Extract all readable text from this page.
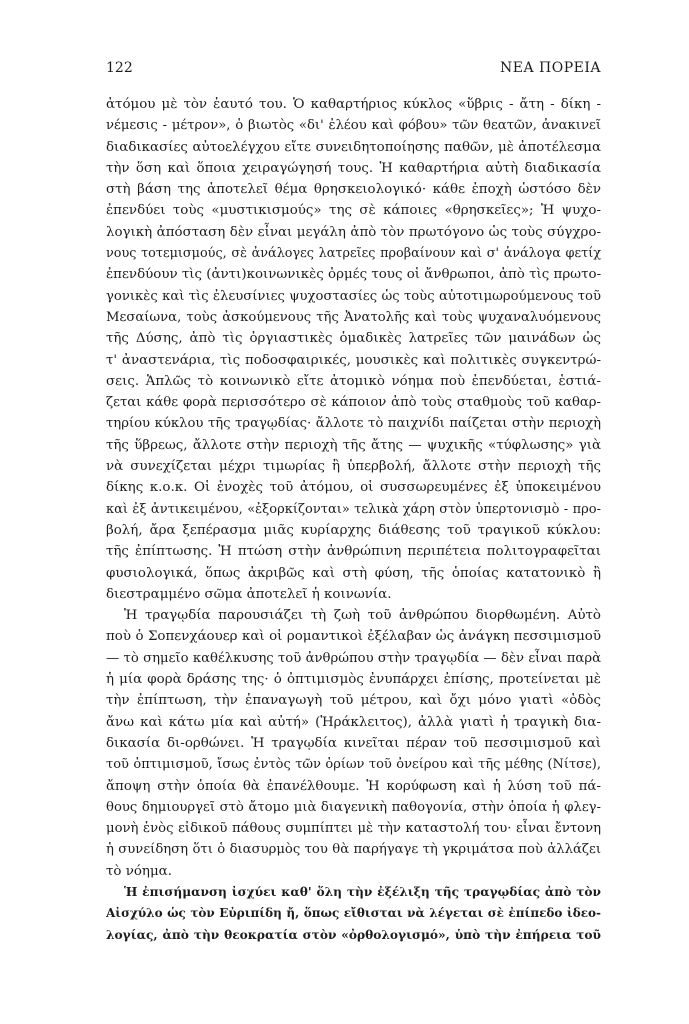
122	ΝΕΑ ΠΟΡΕΙΑ
ἀτόμου μὲ τὸν ἑαυτό του. Ὁ καθαρτήριος κύκλος «ὕβρις - ἄτη - δίκη -
νέμεσις - μέτρον», ὁ βιωτὸς «δι' ἐλέου καὶ φόβου» τῶν θεατῶν, ἀνακινεῖ
διαδικασίες αὐτοελέγχου εἴτε συνειδητοποίησης παθῶν, μὲ ἀποτέλεσμα
τὴν ὅση καὶ ὅποια χειραγώγησή τους. Ἡ καθαρτήρια αὐτὴ διαδικασία
στὴ βάση της ἀποτελεῖ θέμα θρησκειολογικό· κάθε ἐποχὴ ὡστόσο δὲν
ἐπενδύει τοὺς «μυστικισμούς» της σὲ κάποιες «θρησκεῖες»; Ἡ ψυχο-
λογικὴ ἀπόσταση δὲν εἶναι μεγάλη ἀπὸ τὸν πρωτόγονο ὡς τοὺς σύγχρο-
νους τοτεμισμούς, σὲ ἀνάλογες λατρεῖες προβαίνουν καὶ σ' ἀνάλογα φετίχ
ἐπενδύουν τὶς (ἀντι)κοινωνικὲς ὁρμές τους οἱ ἄνθρωποι, ἀπὸ τὶς πρωτο-
γονικὲς καὶ τὶς ἐλευσίνιες ψυχοστασίες ὡς τοὺς αὐτοτιμωρούμενους τοῦ
Μεσαίωνα, τοὺς ἀσκούμενους τῆς Ἀνατολῆς καὶ τοὺς ψυχαναλυόμενους
τῆς Δύσης, ἀπὸ τὶς ὀργιαστικὲς ὁμαδικὲς λατρεῖες τῶν μαινάδων ὡς
τ' ἀναστενάρια, τὶς ποδοσφαιρικές, μουσικὲς καὶ πολιτικὲς συγκεντρώ-
σεις. Ἁπλῶς τὸ κοινωνικὸ εἴτε ἀτομικὸ νόημα ποὺ ἐπενδύεται, ἑστιά-
ζεται κάθε φορὰ περισσότερο σὲ κάποιον ἀπὸ τοὺς σταθμοὺς τοῦ καθαρ-
τηρίου κύκλου τῆς τραγῳδίας· ἄλλοτε τὸ παιχνίδι παίζεται στὴν περιοχὴ
τῆς ὕβρεως, ἄλλοτε στὴν περιοχὴ τῆς ἄτης — ψυχικῆς «τύφλωσης» γιὰ
νὰ συνεχίζεται μέχρι τιμωρίας ἢ ὑπερβολή, ἄλλοτε στὴν περιοχὴ τῆς
δίκης κ.ο.κ. Οἱ ἐνοχὲς τοῦ ἀτόμου, οἱ συσσωρευμένες ἐξ ὑποκειμένου
καὶ ἐξ ἀντικειμένου, «ἐξορκίζονται» τελικὰ χάρη στὸν ὑπερτονισμὸ - προ-
βολή, ἄρα ξεπέρασμα μιᾶς κυρίαρχης διάθεσης τοῦ τραγικοῦ κύκλου:
τῆς ἐπίπτωσης. Ἡ πτώση στὴν ἀνθρώπινη περιπέτεια πολιτογραφεῖται
φυσιολογικά, ὅπως ἀκριβῶς καὶ στὴ φύση, τῆς ὁποίας κατατονικὸ ἢ
διεστραμμένο σῶμα ἀποτελεῖ ἡ κοινωνία.
Ἡ τραγῳδία παρουσιάζει τὴ ζωὴ τοῦ ἀνθρώπου διορθωμένη. Αὐτὸ
ποὺ ὁ Σοπενχάουερ καὶ οἱ ρομαντικοὶ ἐξέλαβαν ὡς ἀνάγκη πεσσιμισμοῦ
— τὸ σημεῖο καθέλκυσης τοῦ ἀνθρώπου στὴν τραγῳδία — δὲν εἶναι παρὰ
ἡ μία φορὰ δράσης της· ὁ ὀπτιμισμὸς ἐνυπάρχει ἐπίσης, προτείνεται μὲ
τὴν ἐπίπτωση, τὴν ἐπαναγωγὴ τοῦ μέτρου, καὶ ὄχι μόνο γιατὶ «ὁδὸς
ἄνω καὶ κάτω μία καὶ αὐτή» (Ἡράκλειτος), ἀλλὰ γιατὶ ἡ τραγικὴ δια-
δικασία δι-ορθώνει. Ἡ τραγῳδία κινεῖται πέραν τοῦ πεσσιμισμοῦ καὶ
τοῦ ὀπτιμισμοῦ, ἴσως ἐντὸς τῶν ὁρίων τοῦ ὀνείρου καὶ τῆς μέθης (Νίτσε),
ἄποψη στὴν ὁποία θὰ ἐπανέλθουμε. Ἡ κορύφωση καὶ ἡ λύση τοῦ πά-
θους δημιουργεῖ στὸ ἄτομο μιὰ διαγενικὴ παθογονία, στὴν ὁποία ἡ φλεγ-
μονὴ ἑνὸς εἰδικοῦ πάθους συμπίπτει μὲ τὴν καταστολή του· εἶναι ἔντονη
ἡ συνείδηση ὅτι ὁ διασυρμὸς του θὰ παρήγαγε τὴ γκριμάτσα ποὺ ἀλλάζει
τὸ νόημα.
Ἡ ἐπισήμανση ἰσχύει καθ' ὅλη τὴν ἐξέλιξη τῆς τραγῳδίας ἀπὸ τὸν
Αἰσχύλο ὡς τὸν Εὐριπίδη ἤ, ὅπως εἴθισται νὰ λέγεται σὲ ἐπίπεδο ἰδεο-
λογίας, ἀπὸ τὴν θεοκρατία στὸν «ὀρθολογισμό», ὑπὸ τὴν ἐπήρεια τοῦ
